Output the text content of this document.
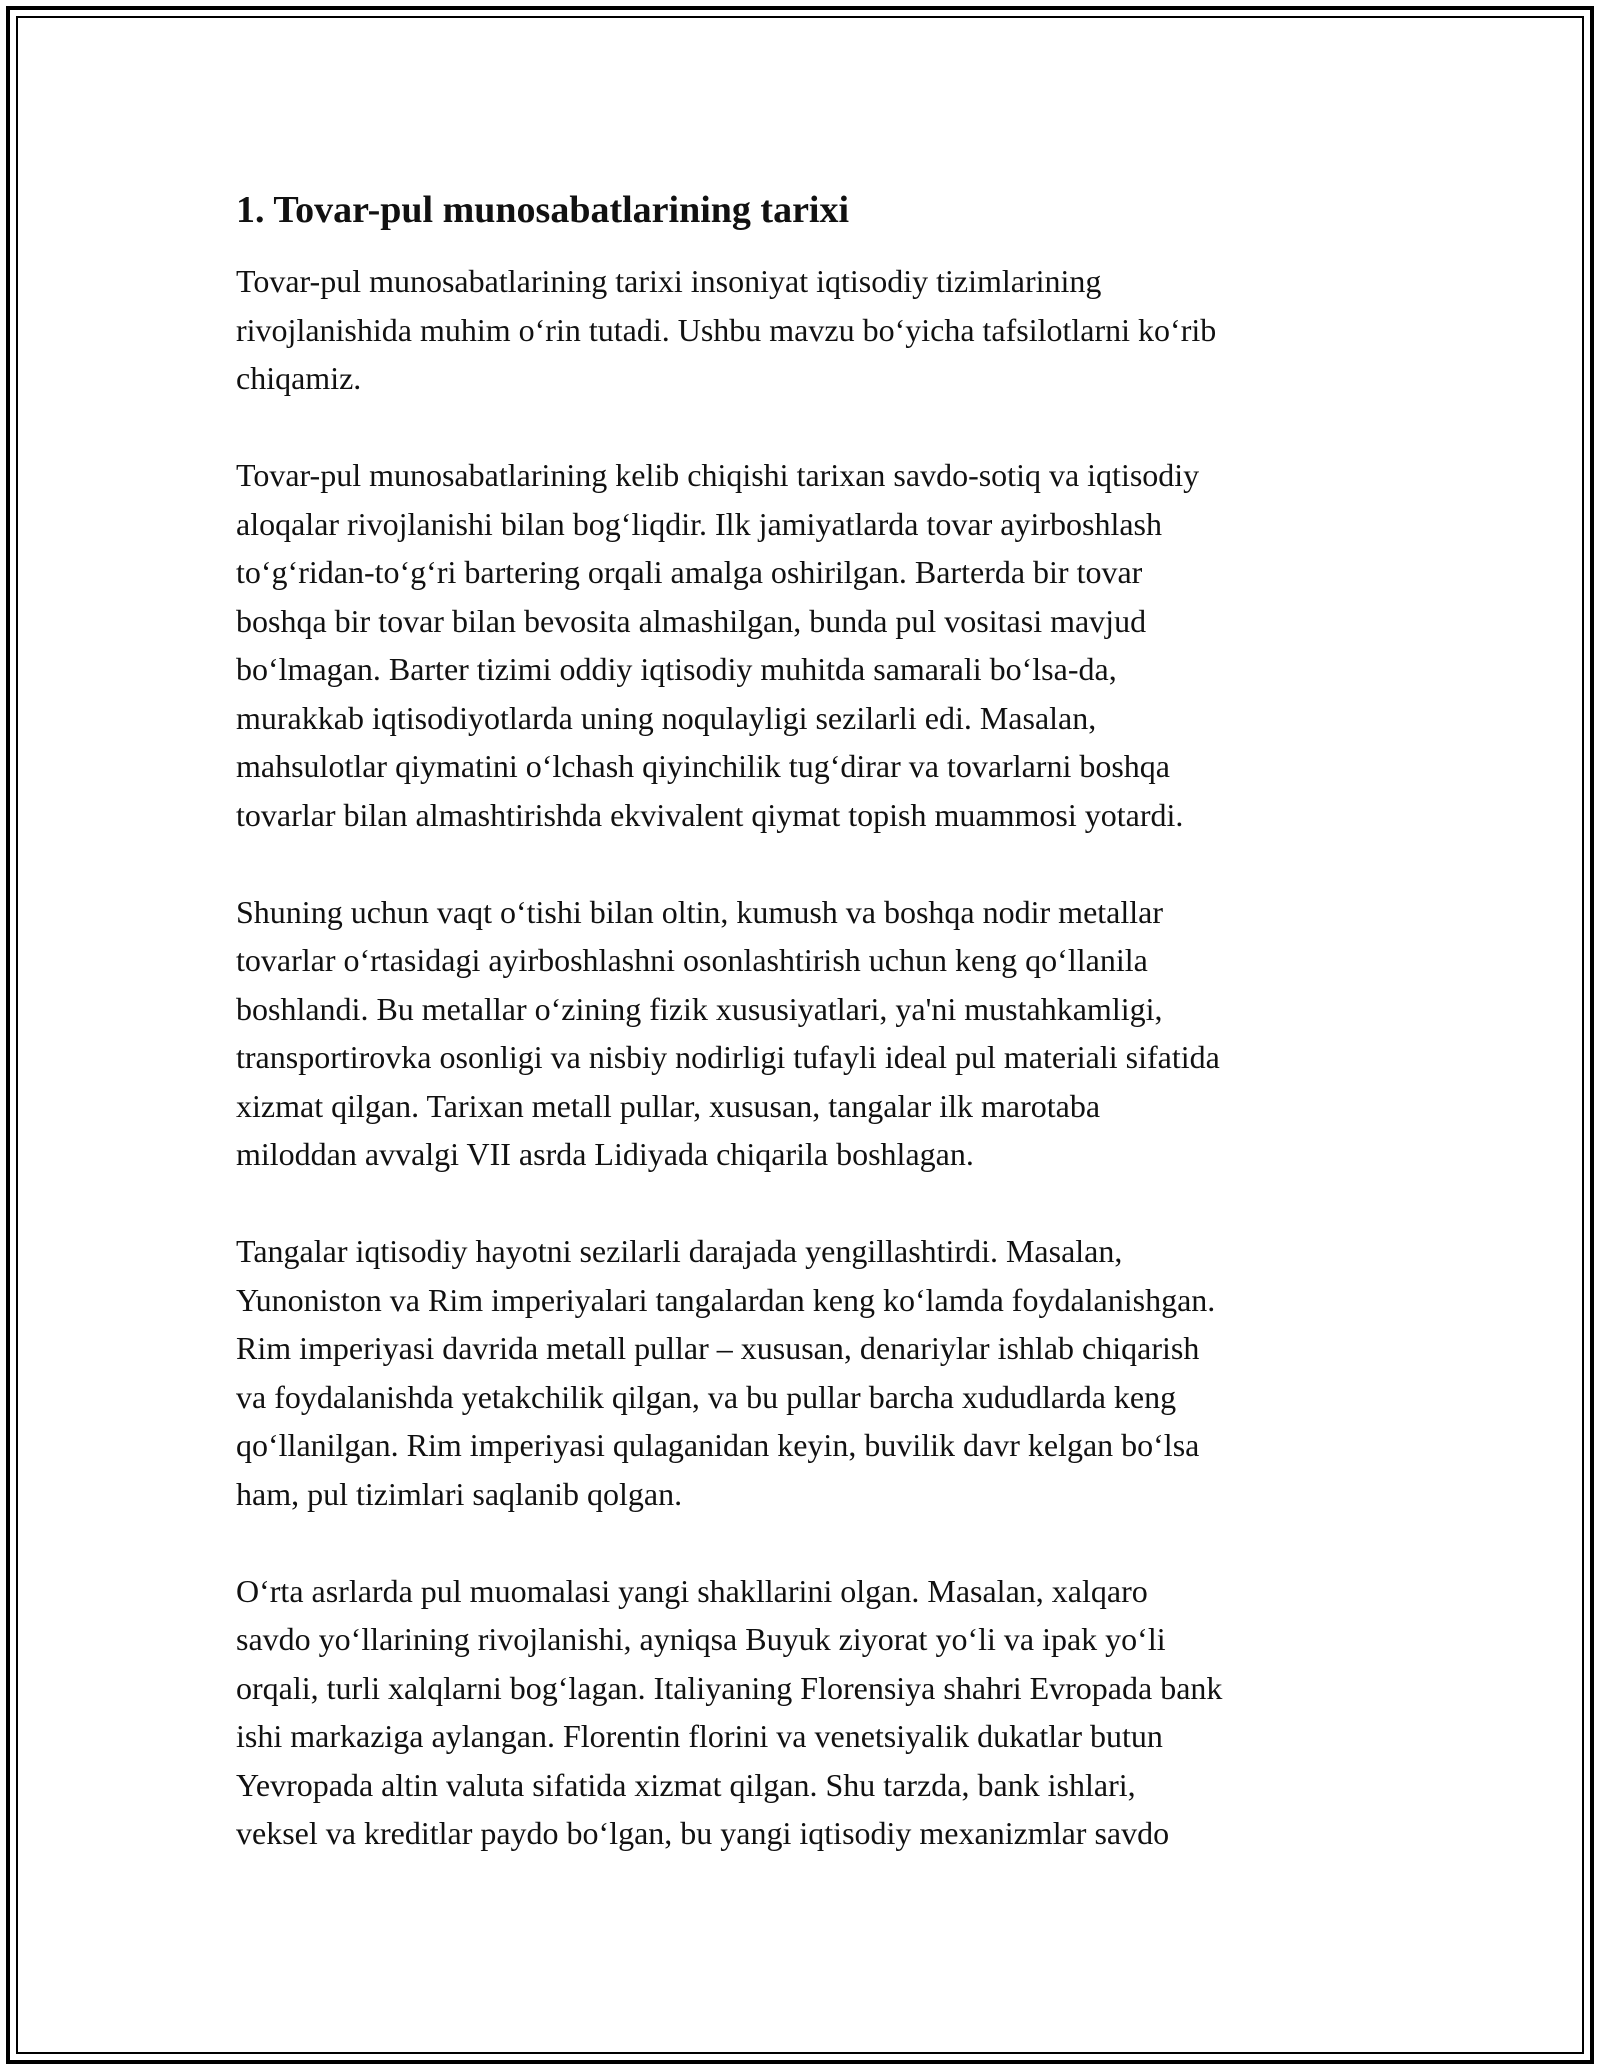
1. Tovar-pul munosabatlarining tarixi

Tovar-pul munosabatlarining tarixi insoniyat iqtisodiy tizimlarining
rivojlanishida muhim o‘rin tutadi. Ushbu mavzu bo‘yicha tafsilotlarni ko‘rib
chiqamiz.

Tovar-pul munosabatlarining kelib chiqishi tarixan savdo-sotiq va iqtisodiy
aloqalar rivojlanishi bilan bog‘liqdir. Ilk jamiyatlarda tovar ayirboshlash
to‘g‘ridan-to‘g‘ri bartering orqali amalga oshirilgan. Barterda bir tovar
boshqa bir tovar bilan bevosita almashilgan, bunda pul vositasi mavjud
bo‘lmagan. Barter tizimi oddiy iqtisodiy muhitda samarali bo‘lsa-da,
murakkab iqtisodiyotlarda uning noqulayligi sezilarli edi. Masalan,
mahsulotlar qiymatini o‘lchash qiyinchilik tug‘dirar va tovarlarni boshqa
tovarlar bilan almashtirishda ekvivalent qiymat topish muammosi yotardi.

Shuning uchun vaqt o‘tishi bilan oltin, kumush va boshqa nodir metallar
tovarlar o‘rtasidagi ayirboshlashni osonlashtirish uchun keng qo‘llanila
boshlandi. Bu metallar o‘zining fizik xususiyatlari, ya'ni mustahkamligi,
transportirovka osonligi va nisbiy nodirligi tufayli ideal pul materiali sifatida
xizmat qilgan. Tarixan metall pullar, xususan, tangalar ilk marotaba
miloddan avvalgi VII asrda Lidiyada chiqarila boshlagan.

Tangalar iqtisodiy hayotni sezilarli darajada yengillashtirdi. Masalan,
Yunoniston va Rim imperiyalari tangalardan keng ko‘lamda foydalanishgan.
Rim imperiyasi davrida metall pullar – xususan, denariylar ishlab chiqarish
va foydalanishda yetakchilik qilgan, va bu pullar barcha xududlarda keng
qo‘llanilgan. Rim imperiyasi qulaganidan keyin, buvilik davr kelgan bo‘lsa
ham, pul tizimlari saqlanib qolgan.

O‘rta asrlarda pul muomalasi yangi shakllarini olgan. Masalan, xalqaro
savdo yo‘llarining rivojlanishi, ayniqsa Buyuk ziyorat yo‘li va ipak yo‘li
orqali, turli xalqlarni bog‘lagan. Italiyaning Florensiya shahri Evropada bank
ishi markaziga aylangan. Florentin florini va venetsiyalik dukatlar butun
Yevropada altin valuta sifatida xizmat qilgan. Shu tarzda, bank ishlari,
veksel va kreditlar paydo bo‘lgan, bu yangi iqtisodiy mexanizmlar savdo
